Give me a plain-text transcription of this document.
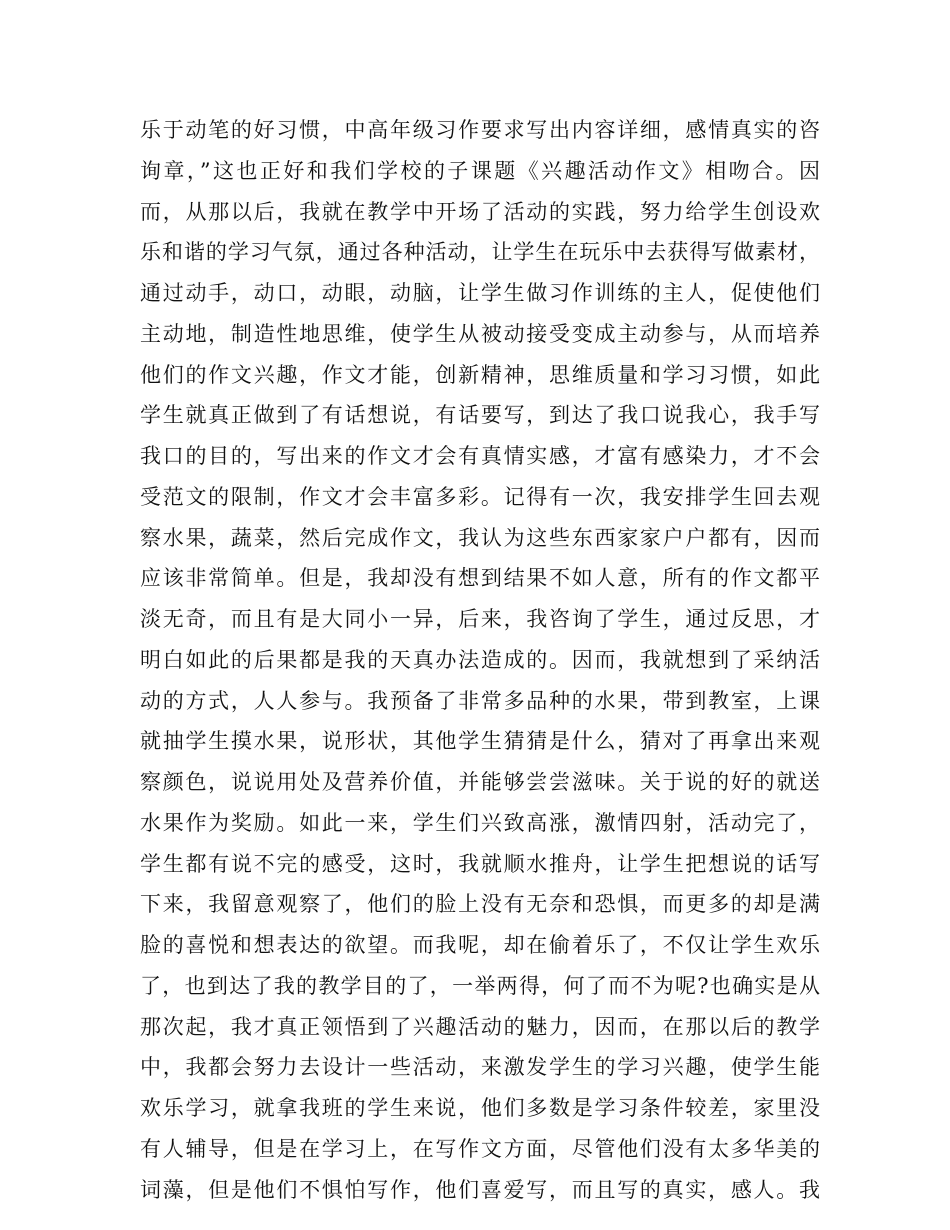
乐于动笔的好习惯，中高年级习作要求写出内容详细，感情真实的咨
询章，”这也正好和我们学校的子课题《兴趣活动作文》相吻合。因
而，从那以后，我就在教学中开场了活动的实践，努力给学生创设欢
乐和谐的学习气氛，通过各种活动，让学生在玩乐中去获得写做素材，
通过动手，动口，动眼，动脑，让学生做习作训练的主人，促使他们
主动地，制造性地思维，使学生从被动接受变成主动参与，从而培养
他们的作文兴趣，作文才能，创新精神，思维质量和学习习惯，如此
学生就真正做到了有话想说，有话要写，到达了我口说我心，我手写
我口的目的，写出来的作文才会有真情实感，才富有感染力，才不会
受范文的限制，作文才会丰富多彩。记得有一次，我安排学生回去观
察水果，蔬菜，然后完成作文，我认为这些东西家家户户都有，因而
应该非常简单。但是，我却没有想到结果不如人意，所有的作文都平
淡无奇，而且有是大同小一异，后来，我咨询了学生，通过反思，才
明白如此的后果都是我的天真办法造成的。因而，我就想到了采纳活
动的方式，人人参与。我预备了非常多品种的水果，带到教室，上课
就抽学生摸水果，说形状，其他学生猜猜是什么，猜对了再拿出来观
察颜色，说说用处及营养价值，并能够尝尝滋味。关于说的好的就送
水果作为奖励。如此一来，学生们兴致高涨，激情四射，活动完了，
学生都有说不完的感受，这时，我就顺水推舟，让学生把想说的话写
下来，我留意观察了，他们的脸上没有无奈和恐惧，而更多的却是满
脸的喜悦和想表达的欲望。而我呢，却在偷着乐了，不仅让学生欢乐
了，也到达了我的教学目的了，一举两得，何了而不为呢?也确实是从
那次起，我才真正领悟到了兴趣活动的魅力，因而，在那以后的教学
中，我都会努力去设计一些活动，来激发学生的学习兴趣，使学生能
欢乐学习，就拿我班的学生来说，他们多数是学习条件较差，家里没
有人辅导，但是在学习上，在写作文方面，尽管他们没有太多华美的
词藻，但是他们不惧怕写作，他们喜爱写，而且写的真实，感人。我
